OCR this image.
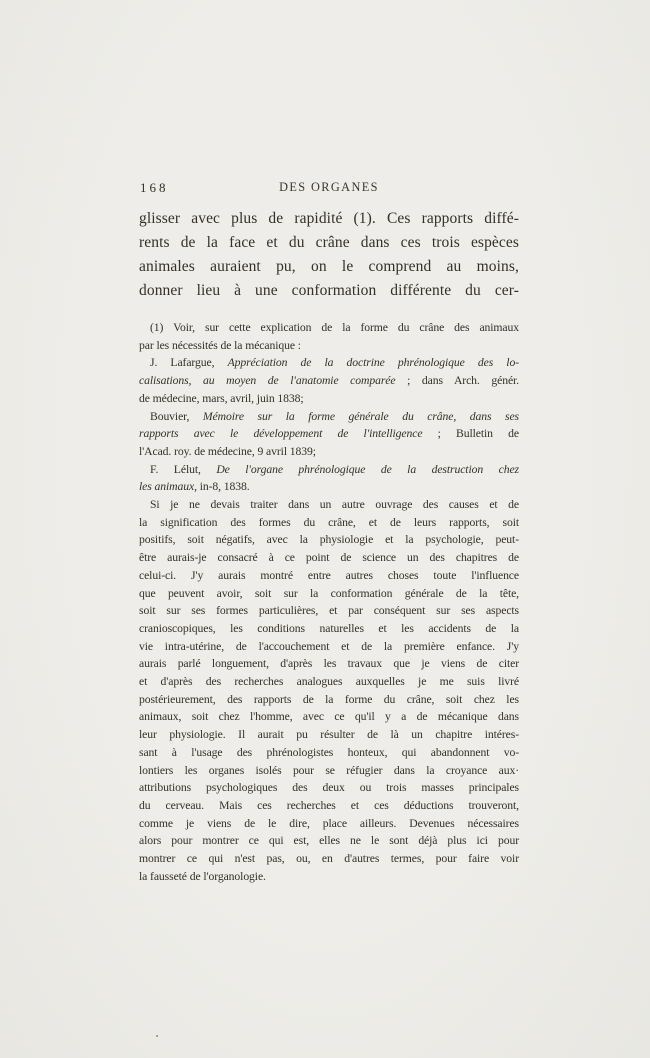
168	DES ORGANES
glisser avec plus de rapidité (1). Ces rapports diffé-
rents de la face et du crâne dans ces trois espèces
animales auraient pu, on le comprend au moins,
donner lieu à une conformation différente du cer-
(1) Voir, sur cette explication de la forme du crâne des animaux
par les nécessités de la mécanique :
J. Lafargue, Appréciation de la doctrine phrénologique des lo-
calisations, au moyen de l'anatomie comparée ; dans Arch. génér.
de médecine, mars, avril, juin 1838;
Bouvier, Mémoire sur la forme générale du crâne, dans ses
rapports avec le développement de l'intelligence ; Bulletin de
l'Acad. roy. de médecine, 9 avril 1839;
F. Lélut, De l'organe phrénologique de la destruction chez
les animaux, in-8, 1838.
Si je ne devais traiter dans un autre ouvrage des causes et de
la signification des formes du crâne, et de leurs rapports, soit
positifs, soit négatifs, avec la physiologie et la psychologie, peut-
être aurais-je consacré à ce point de science un des chapitres de
celui-ci. J'y aurais montré entre autres choses toute l'influence
que peuvent avoir, soit sur la conformation générale de la tête,
soit sur ses formes particulières, et par conséquent sur ses aspects
cranioscopiques, les conditions naturelles et les accidents de la
vie intra-utérine, de l'accouchement et de la première enfance. J'y
aurais parlé longuement, d'après les travaux que je viens de citer
et d'après des recherches analogues auxquelles je me suis livré
postérieurement, des rapports de la forme du crâne, soit chez les
animaux, soit chez l'homme, avec ce qu'il y a de mécanique dans
leur physiologie. Il aurait pu résulter de là un chapitre intéres-
sant à l'usage des phrénologistes honteux, qui abandonnent vo-
lontiers les organes isolés pour se réfugier dans la croyance aux·
attributions psychologiques des deux ou trois masses principales
du cerveau. Mais ces recherches et ces déductions trouveront,
comme je viens de le dire, place ailleurs. Devenues nécessaires
alors pour montrer ce qui est, elles ne le sont déjà plus ici pour
montrer ce qui n'est pas, ou, en d'autres termes, pour faire voir
la fausseté de l'organologie.
